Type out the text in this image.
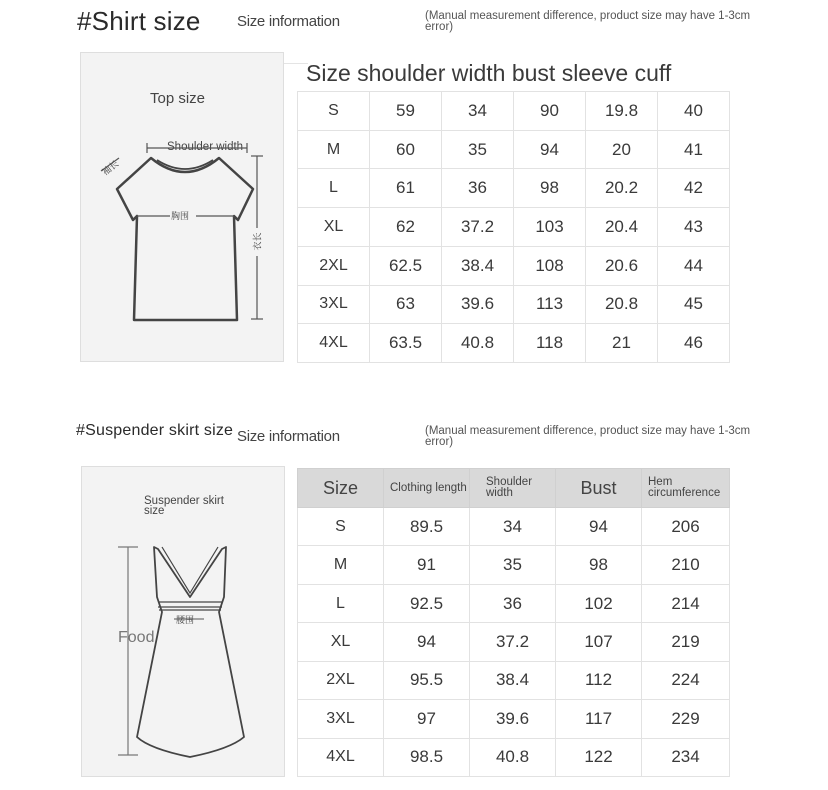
#Shirt size Size information	(Manual measurement difference, product size may have 1-3cm error)
Top size
Shoulder width
袖长
胸围
衣长
Size shoulder width bust sleeve cuff
S	59	34	90	19.8	40
M	60	35	94	20	41
L	61	36	98	20.2	42
XL	62	37.2	103	20.4	43
2XL	62.5	38.4	108	20.6	44
3XL	63	39.6	113	20.8	45
4XL	63.5	40.8	118	21	46
#Suspender skirt size Size information	(Manual measurement difference, product size may have 1-3cm error)
Suspender skirt size
腰围
Food
Size	Clothing length	Shoulder width	Bust	Hem circumference
S	89.5	34	94	206
M	91	35	98	210
L	92.5	36	102	214
XL	94	37.2	107	219
2XL	95.5	38.4	112	224
3XL	97	39.6	117	229
4XL	98.5	40.8	122	234
